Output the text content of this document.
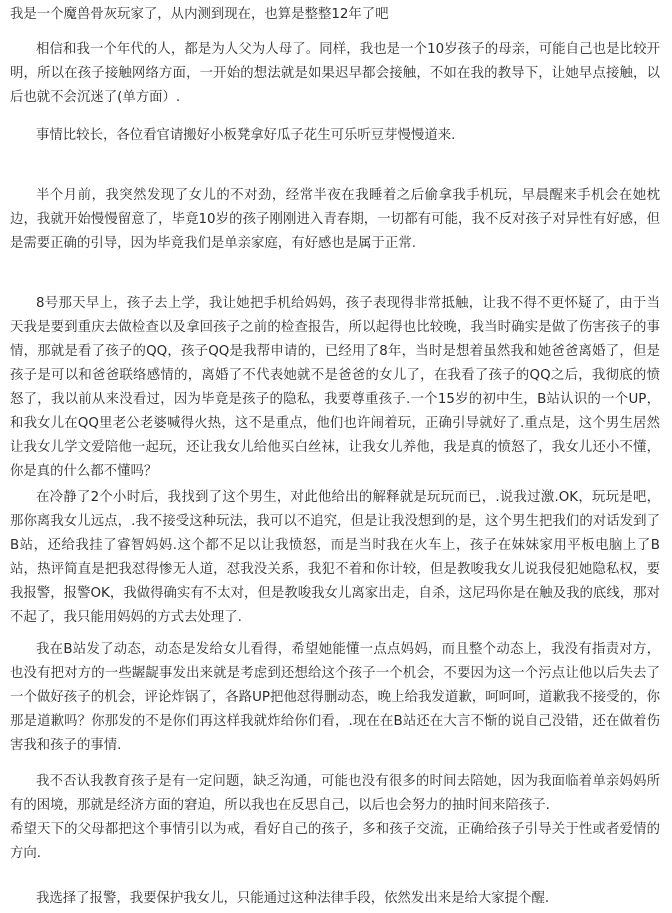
我是一个魔兽骨灰玩家了，从内测到现在，也算是整整12年了吧

相信和我一个年代的人，都是为人父为人母了。同样，我也是一个10岁孩子的母亲，可能自己也是比较开明，所以在孩子接触网络方面，一开始的想法就是如果迟早都会接触，不如在我的教导下，让她早点接触，以后也就不会沉迷了(单方面）.

事情比较长，各位看官请搬好小板凳拿好瓜子花生可乐听豆芽慢慢道来.

半个月前，我突然发现了女儿的不对劲，经常半夜在我睡着之后偷拿我手机玩，早晨醒来手机会在她枕边，我就开始慢慢留意了，毕竟10岁的孩子刚刚进入青春期，一切都有可能，我不反对孩子对异性有好感，但是需要正确的引导，因为毕竟我们是单亲家庭，有好感也是属于正常.

8号那天早上，孩子去上学，我让她把手机给妈妈，孩子表现得非常抵触，让我不得不更怀疑了，由于当天我是要到重庆去做检查以及拿回孩子之前的检查报告，所以起得也比较晚，我当时确实是做了伤害孩子的事情，那就是看了孩子的QQ，孩子QQ是我帮申请的，已经用了8年，当时是想着虽然我和她爸爸离婚了，但是孩子是可以和爸爸联络感情的，离婚了不代表她就不是爸爸的女儿了，在我看了孩子的QQ之后，我彻底的愤怒了，我以前从来没看过，因为毕竟是孩子的隐私，我要尊重孩子.一个15岁的初中生，B站认识的一个UP，和我女儿在QQ里老公老婆喊得火热，这不是重点，他们也许闹着玩，正确引导就好了.重点是，这个男生居然让我女儿学文爱陪他一起玩，还让我女儿给他买白丝袜，让我女儿养他，我是真的愤怒了，我女儿还小不懂，你是真的什么都不懂吗？

在冷静了2个小时后，我找到了这个男生，对此他给出的解释就是玩玩而已，.说我过激.OK，玩玩是吧，那你离我女儿远点，.我不接受这种玩法，我可以不追究，但是让我没想到的是，这个男生把我们的对话发到了B站，还给我挂了睿智妈妈.这个都不足以让我愤怒，而是当时我在火车上，孩子在妹妹家用平板电脑上了B站，热评简直是把我怼得惨无人道，怼我没关系，我犯不着和你计较，但是教唆我女儿说我侵犯她隐私权，要我报警，报警OK，我做得确实有不太对，但是教唆我女儿离家出走，自杀，这尼玛你是在触及我的底线，那对不起了，我只能用妈妈的方式去处理了.

我在B站发了动态，动态是发给女儿看得，希望她能懂一点点妈妈，而且整个动态上，我没有指责对方，也没有把对方的一些龌龊事发出来就是考虑到还想给这个孩子一个机会，不要因为这一个污点让他以后失去了一个做好孩子的机会，评论炸锅了，各路UP把他怼得删动态，晚上给我发道歉，呵呵呵，道歉我不接受的，你那是道歉吗？你那发的不是你们再这样我就炸给你们看，.现在在B站还在大言不惭的说自己没错，还在做着伤害我和孩子的事情.

我不否认我教育孩子是有一定问题，缺乏沟通，可能也没有很多的时间去陪她，因为我面临着单亲妈妈所有的困境，那就是经济方面的窘迫，所以我也在反思自己，以后也会努力的抽时间来陪孩子.
希望天下的父母都把这个事情引以为戒，看好自己的孩子，多和孩子交流，正确给孩子引导关于性或者爱情的方向.

我选择了报警，我要保护我女儿，只能通过这种法律手段，依然发出来是给大家提个醒.
